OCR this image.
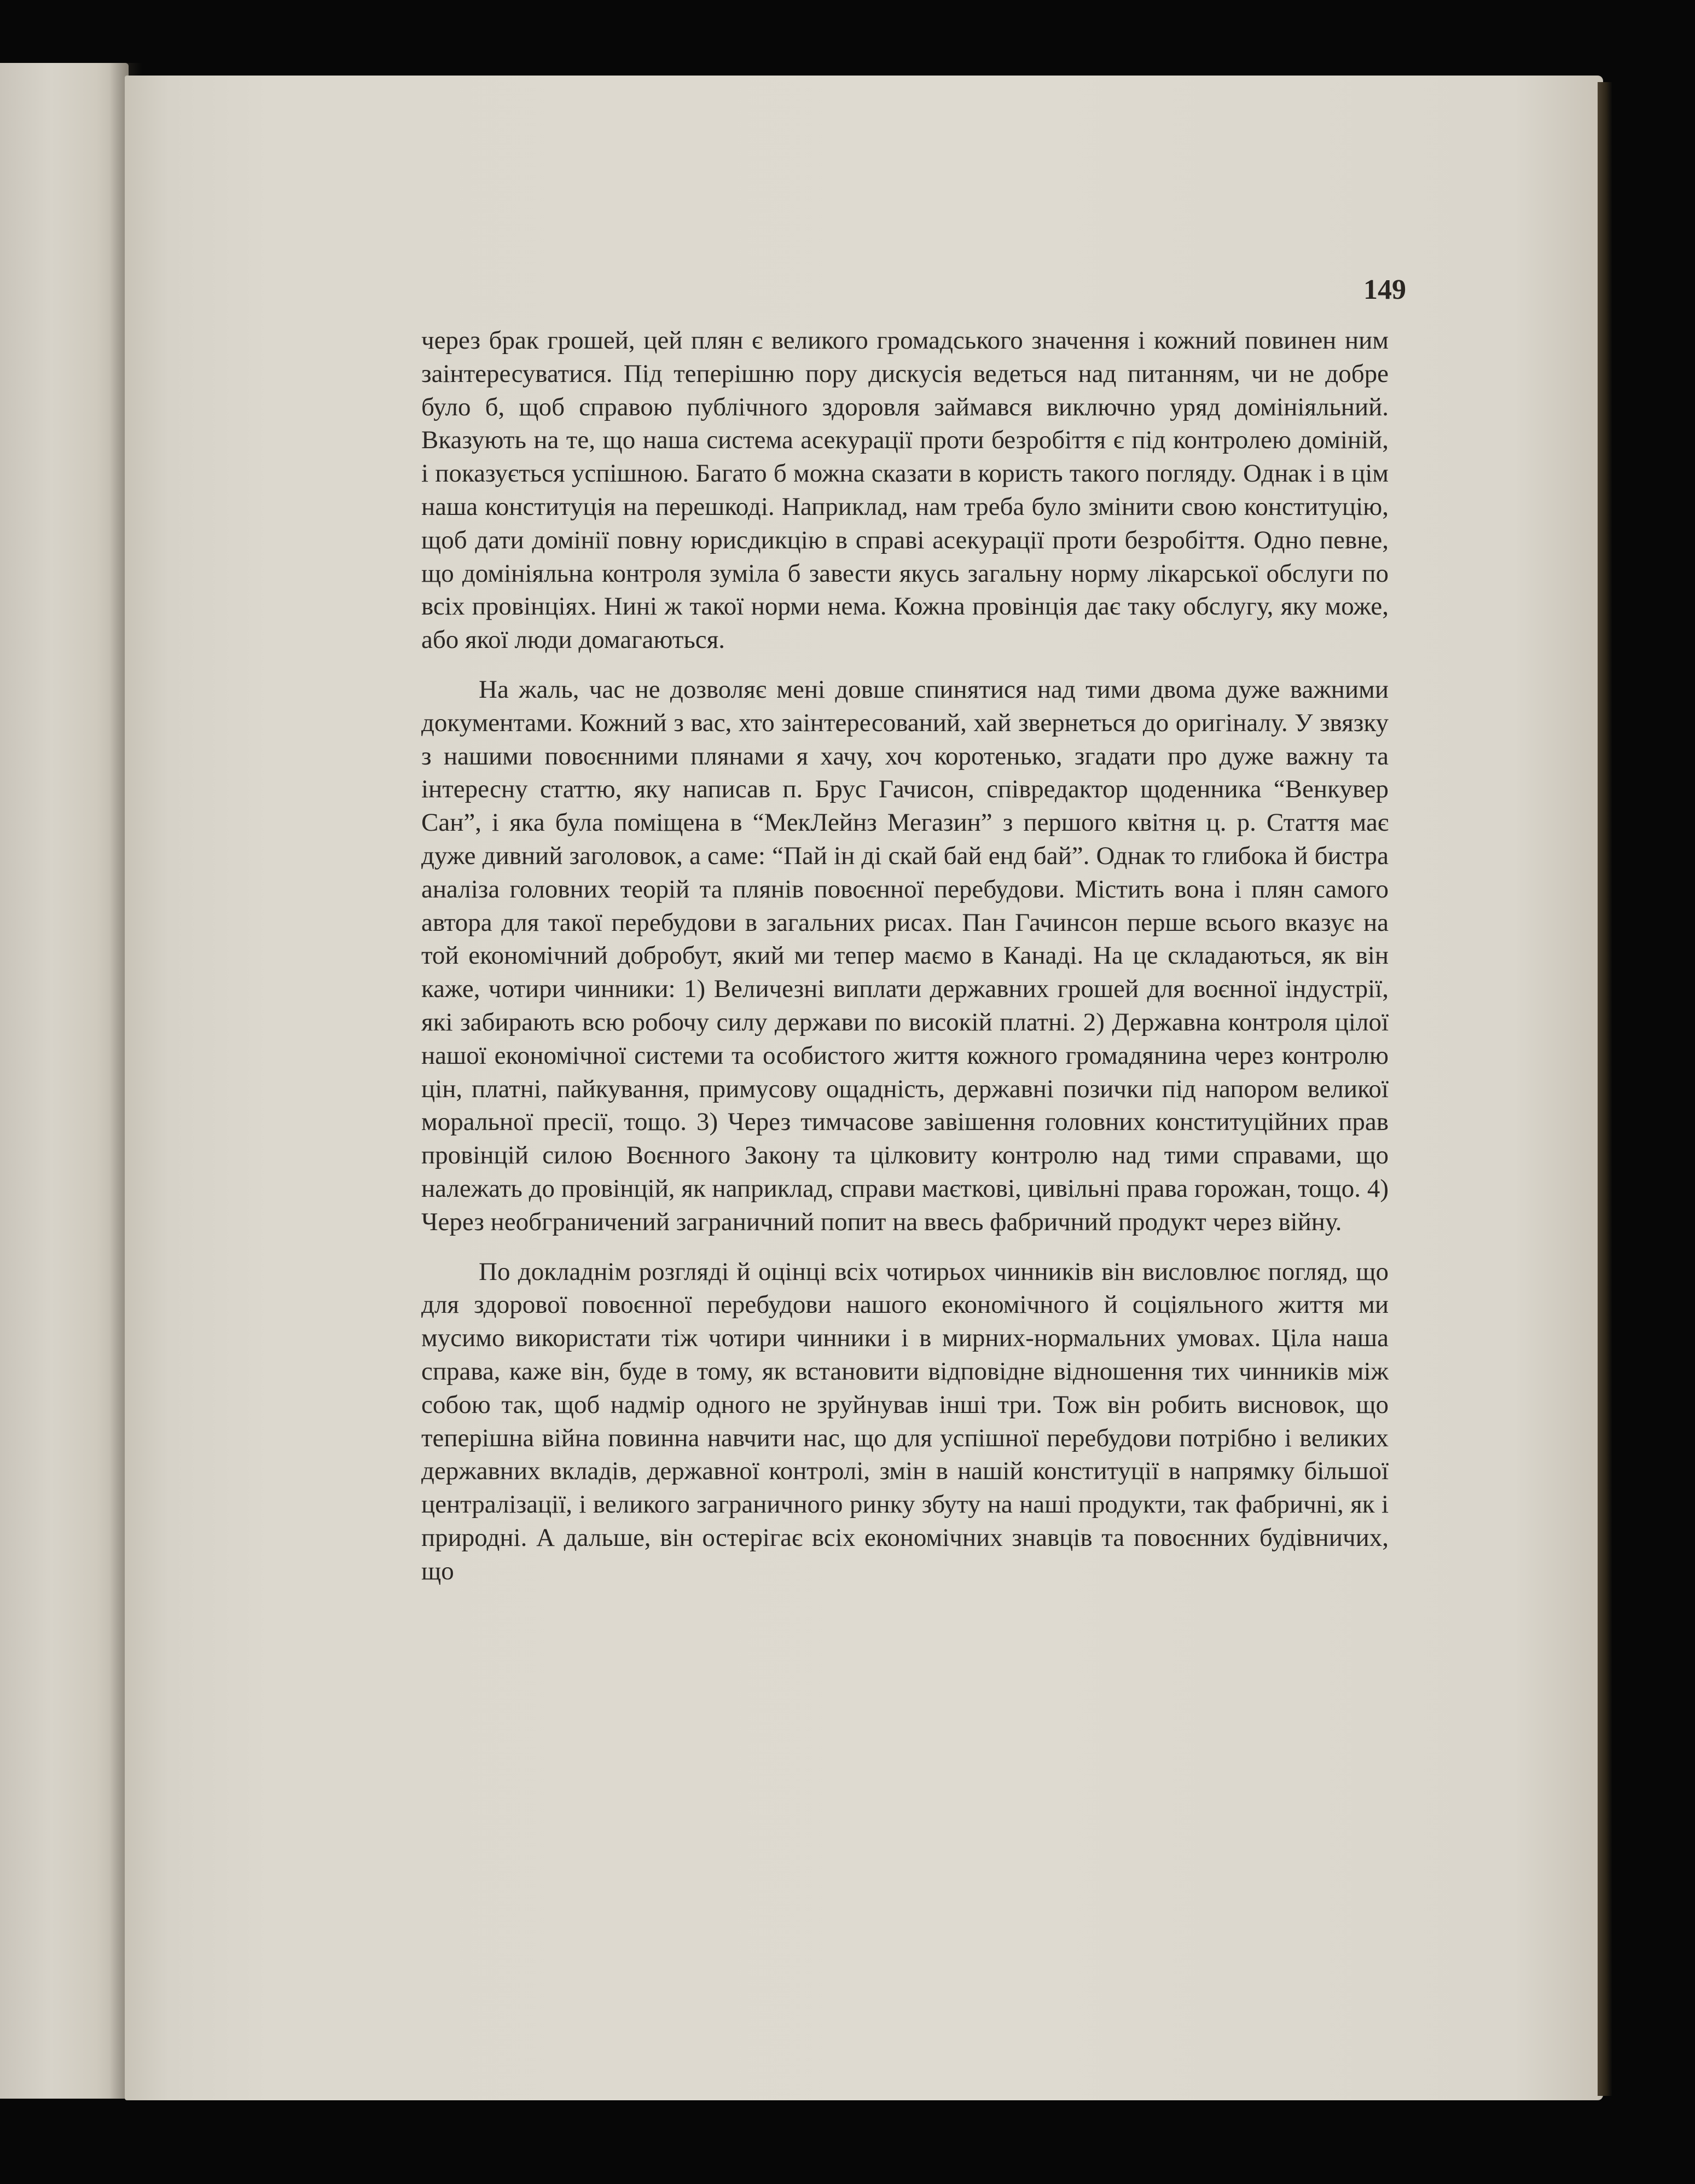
149

через брак грошей, цей плян є великого громадського значення і кожний повинен ним заінтересуватися. Під теперішню пору дискусія ведеться над питанням, чи не добре було б, щоб справою публічного здоровля займався виключно уряд домініяльний. Вказують на те, що наша система асекурації проти безробіття є під контролею доміній, і показується успішною. Багато б можна сказати в користь такого погляду. Однак і в цім наша конституція на перешкоді. Наприклад, нам треба було змінити свою конституцію, щоб дати домінії повну юрисдикцію в справі асекурації проти безробіття. Одно певне, що домініяльна контроля зуміла б завести якусь загальну норму лікарської обслуги по всіх провінціях. Нині ж такої норми нема. Кожна провінція дає таку обслугу, яку може, або якої люди домагаються.

На жаль, час не дозволяє мені довше спинятися над тими двома дуже важними документами. Кожний з вас, хто заінтересований, хай звернеться до оригіналу. У звязку з нашими повоєнними плянами я хачу, хоч коротенько, згадати про дуже важну та інтересну статтю, яку написав п. Брус Гачисон, співредактор щоденника “Венкувер Сан”, і яка була поміщена в “МекЛейнз Мегазин” з першого квітня ц. р. Стаття має дуже дивний заголовок, а саме: “Пай ін ді скай бай енд бай”. Однак то глибока й бистра аналіза головних теорій та плянів повоєнної перебудови. Містить вона і плян самого автора для такої перебудови в загальних рисах. Пан Гачинсон перше всього вказує на той економічний добробут, який ми тепер маємо в Канаді. На це складаються, як він каже, чотири чинники: 1) Величезні виплати державних грошей для воєнної індустрії, які забирають всю робочу силу держави по високій платні. 2) Державна контроля цілої нашої економічної системи та особистого життя кожного громадянина через контролю цін, платні, пайкування, примусову ощадність, державні позички під напором великої моральної пресії, тощо. 3) Через тимчасове завішення головних конституційних прав провінцій силою Воєнного Закону та цілковиту контролю над тими справами, що належать до провінцій, як наприклад, справи маєткові, цивільні права горожан, тощо. 4) Через необграничений заграничний попит на ввесь фабричний продукт через війну.

По докладнім розгляді й оцінці всіх чотирьох чинників він висловлює погляд, що для здорової повоєнної перебудови нашого економічного й соціяльного життя ми мусимо використати тіж чотири чинники і в мирних-нормальних умовах. Ціла наша справа, каже він, буде в тому, як встановити відповідне відношення тих чинників між собою так, щоб надмір одного не зруйнував інші три. Тож він робить висновок, що теперішна війна повинна навчити нас, що для успішної перебудови потрібно і великих державних вкладів, державної контролі, змін в нашій конституції в напрямку більшої централізації, і великого заграничного ринку збуту на наші продукти, так фабричні, як і природні. А дальше, він остерігає всіх економічних знавців та повоєнних будівничих, що
